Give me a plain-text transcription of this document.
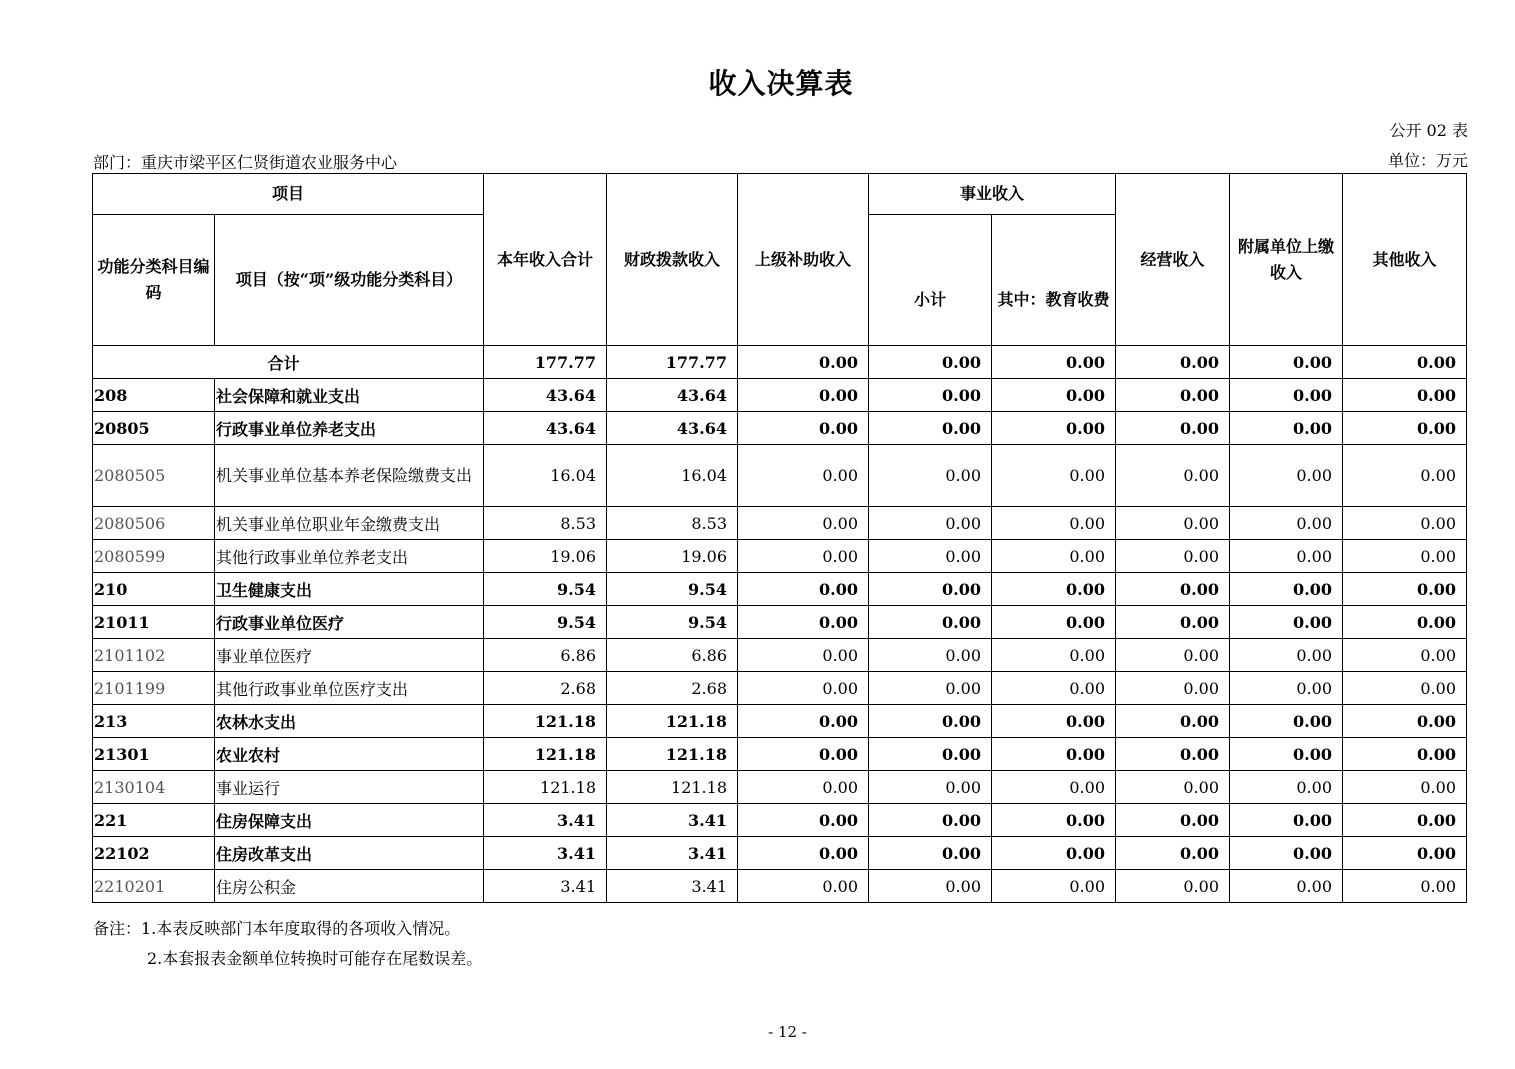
收入决算表
公开 02 表
部门：重庆市梁平区仁贤街道农业服务中心	单位：万元
项目		本年收入合计	财政拨款收入	上级补助收入	事业收入		经营收入	附属单位上缴收入	其他收入
功能分类科目编码	项目（按“项”级功能分类科目）				小计	其中：教育收费			
合计		177.77	177.77	0.00	0.00	0.00	0.00	0.00	0.00
208	社会保障和就业支出	43.64	43.64	0.00	0.00	0.00	0.00	0.00	0.00
20805	行政事业单位养老支出	43.64	43.64	0.00	0.00	0.00	0.00	0.00	0.00
2080505	机关事业单位基本养老保险缴费支出	16.04	16.04	0.00	0.00	0.00	0.00	0.00	0.00
2080506	机关事业单位职业年金缴费支出	8.53	8.53	0.00	0.00	0.00	0.00	0.00	0.00
2080599	其他行政事业单位养老支出	19.06	19.06	0.00	0.00	0.00	0.00	0.00	0.00
210	卫生健康支出	9.54	9.54	0.00	0.00	0.00	0.00	0.00	0.00
21011	行政事业单位医疗	9.54	9.54	0.00	0.00	0.00	0.00	0.00	0.00
2101102	事业单位医疗	6.86	6.86	0.00	0.00	0.00	0.00	0.00	0.00
2101199	其他行政事业单位医疗支出	2.68	2.68	0.00	0.00	0.00	0.00	0.00	0.00
213	农林水支出	121.18	121.18	0.00	0.00	0.00	0.00	0.00	0.00
21301	农业农村	121.18	121.18	0.00	0.00	0.00	0.00	0.00	0.00
2130104	事业运行	121.18	121.18	0.00	0.00	0.00	0.00	0.00	0.00
221	住房保障支出	3.41	3.41	0.00	0.00	0.00	0.00	0.00	0.00
22102	住房改革支出	3.41	3.41	0.00	0.00	0.00	0.00	0.00	0.00
2210201	住房公积金	3.41	3.41	0.00	0.00	0.00	0.00	0.00	0.00
备注：1.本表反映部门本年度取得的各项收入情况。
2.本套报表金额单位转换时可能存在尾数误差。
- 12 -
